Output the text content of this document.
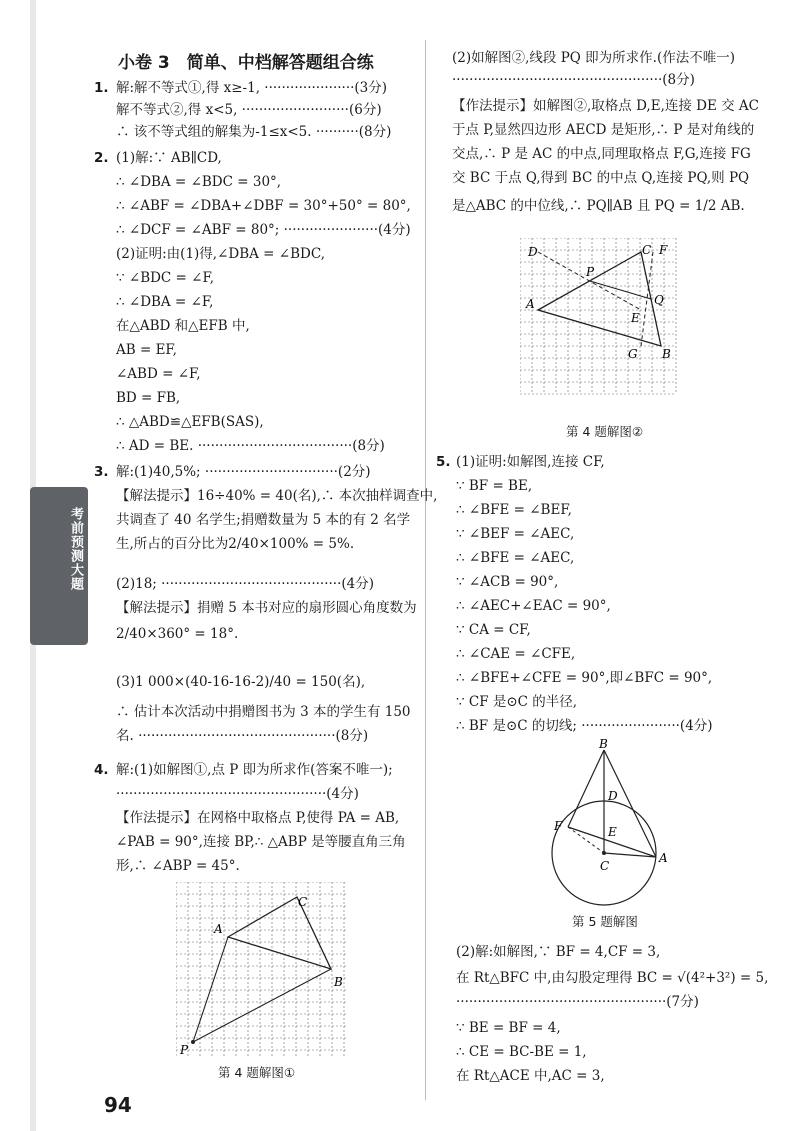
考前预测大题
小卷 3　简单、中档解答题组合练
1. 解:解不等式①,得 x≥-1, ·····················(3分)
解不等式②,得 x<5, ·························(6分)
∴ 该不等式组的解集为-1≤x<5. ··········(8分)
2. (1)解:∵ AB∥CD,
∴ ∠DBA = ∠BDC = 30°,
∴ ∠ABF = ∠DBA+∠DBF = 30°+50° = 80°,
∴ ∠DCF = ∠ABF = 80°; ······················(4分)
(2)证明:由(1)得,∠DBA = ∠BDC,
∵ ∠BDC = ∠F,
∴ ∠DBA = ∠F,
在△ABD 和△EFB 中,
AB = EF,
∠ABD = ∠F,
BD = FB,
∴ △ABD≌△EFB(SAS),
∴ AD = BE. ····································(8分)
3. 解:(1)40,5%; ·······························(2分)
【解法提示】16÷40% = 40(名),∴ 本次抽样调查中,
共调查了 40 名学生;捐赠数量为 5 本的有 2 名学
生,所占的百分比为2/40×100% = 5%.
(2)18; ··········································(4分)
【解法提示】捐赠 5 本书对应的扇形圆心角度数为
2/40×360° = 18°.
(3)1 000×(40-16-16-2)/40 = 150(名),
∴ 估计本次活动中捐赠图书为 3 本的学生有 150
名. ··············································(8分)
4. 解:(1)如解图①,点 P 即为所求作(答案不唯一);
·················································(4分)
【作法提示】在网格中取格点 P,使得 PA = AB,
∠PAB = 90°,连接 BP,∴ △ABP 是等腰直角三角
形,∴ ∠ABP = 45°.
A
B
C
P
第 4 题解图①
(2)如解图②,线段 PQ 即为所求作.(作法不唯一)
·················································(8分)
【作法提示】如解图②,取格点 D,E,连接 DE 交 AC
于点 P,显然四边形 AECD 是矩形,∴ P 是对角线的
交点,∴ P 是 AC 的中点,同理取格点 F,G,连接 FG
交 BC 于点 Q,得到 BC 的中点 Q,连接 PQ,则 PQ
是△ABC 的中位线,∴ PQ∥AB 且 PQ = 1/2 AB.
5. (1)证明:如解图,连接 CF,
∵ BF = BE,
∴ ∠BFE = ∠BEF,
∵ ∠BEF = ∠AEC,
∴ ∠BFE = ∠AEC,
∵ ∠ACB = 90°,
∴ ∠AEC+∠EAC = 90°,
∵ CA = CF,
∴ ∠CAE = ∠CFE,
∴ ∠BFE+∠CFE = 90°,即∠BFC = 90°,
∵ CF 是⊙C 的半径,
∴ BF 是⊙C 的切线; ·······················(4分)
(2)解:如解图,∵ BF = 4,CF = 3,
在 Rt△BFC 中,由勾股定理得 BC = √(4²+3²) = 5,
·················································(7分)
∵ BE = BF = 4,
∴ CE = BC-BE = 1,
在 Rt△ACE 中,AC = 3,
D	C F
P
Q
A
E
G B
第 4 题解图②
B
D
F	E
A
C
第 5 题解图
94
